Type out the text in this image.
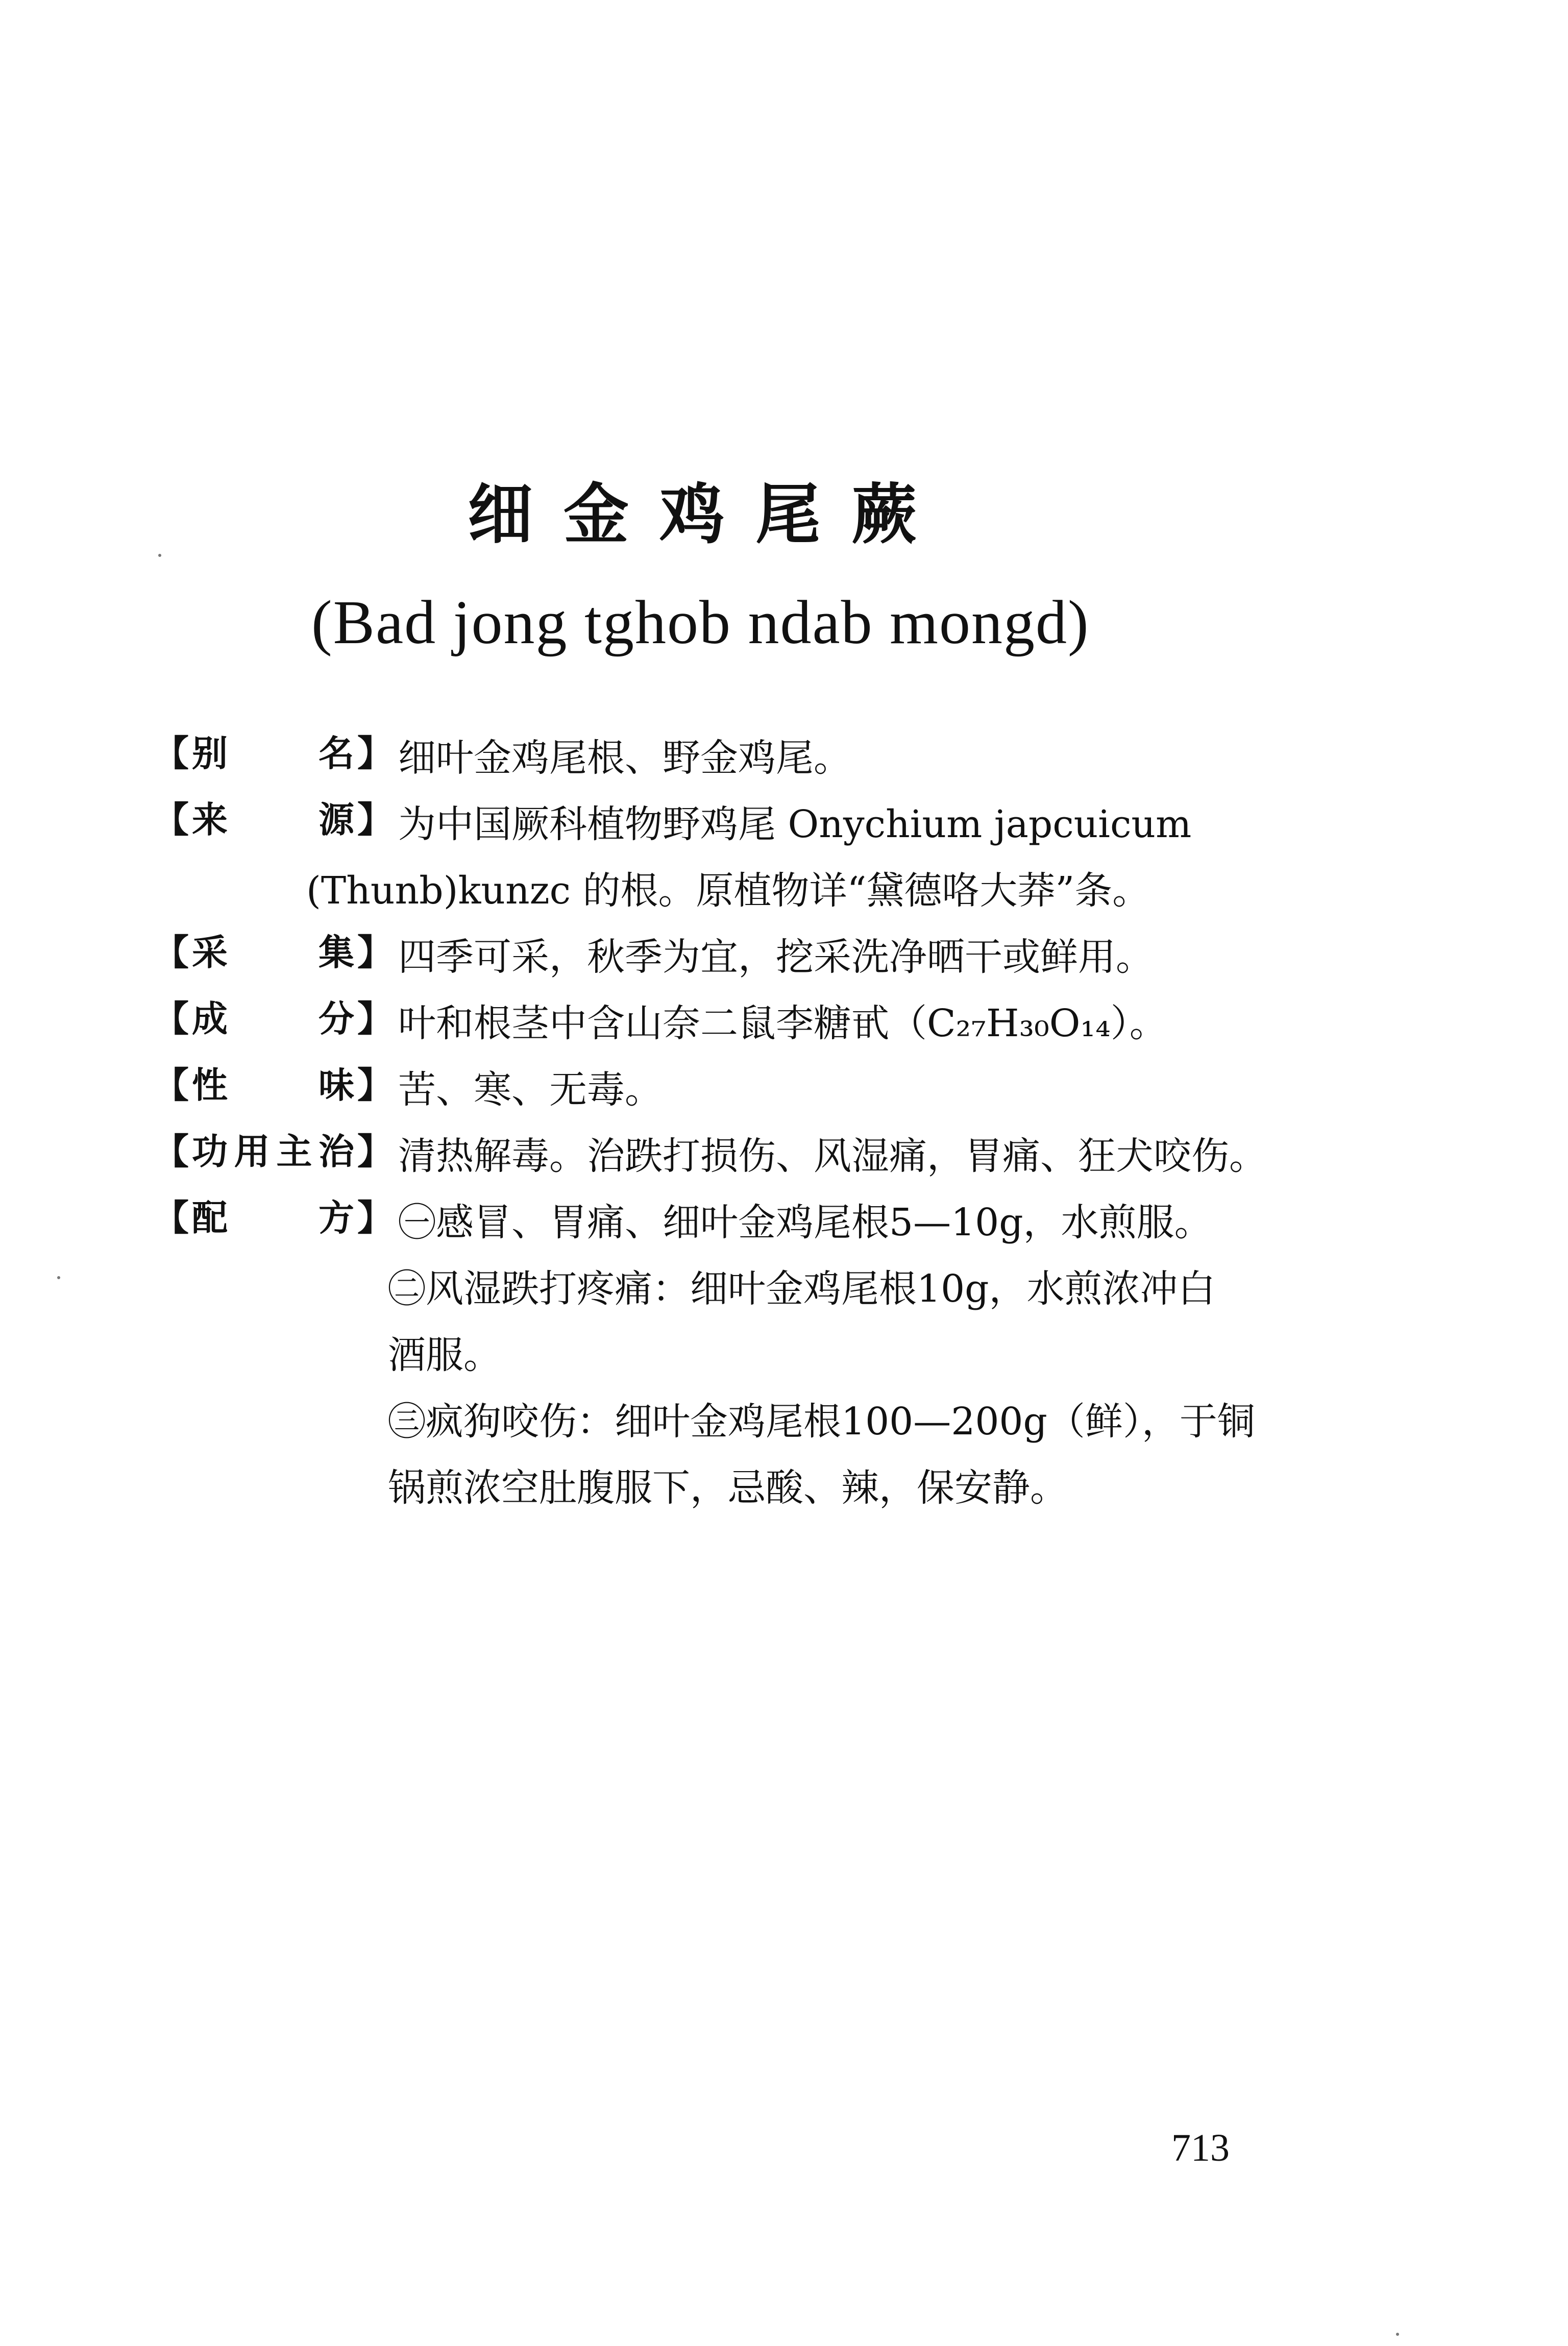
细金鸡尾蕨
(Bad jong tghob ndab mongd)
【 别	名 】 细叶金鸡尾根、野金鸡尾。
【 来	源 】 为中国厥科植物野鸡尾 Onychium japcuicum
(Thunb)kunzc 的根。原植物详“黛德咯大莽”条。
【 采	集 】 四季可采，秋季为宜，挖采洗净晒干或鲜用。
【 成	分 】 叶和根茎中含山奈二鼠李糖甙（C₂₇H₃₀O₁₄）。
【 性	味 】 苦、寒、无毒。
【 功 用 主 治 】 清热解毒。治跌打损伤、风湿痛，胃痛、狂犬咬伤。
【 配	方 】 ㊀感冒、胃痛、细叶金鸡尾根5—10g，水煎服。
㊁风湿跌打疼痛：细叶金鸡尾根10g，水煎浓冲白
酒服。
㊂疯狗咬伤：细叶金鸡尾根100—200g（鲜），于铜
锅煎浓空肚腹服下，忌酸、辣，保安静。
713
